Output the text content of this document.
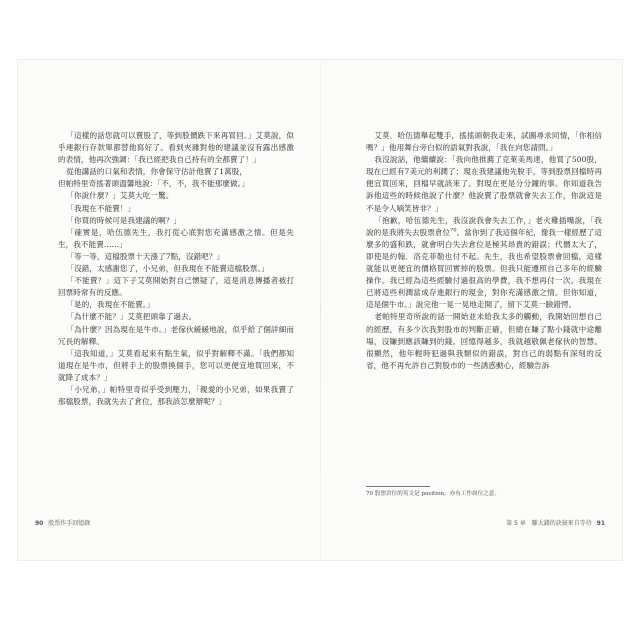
「這樣的話您就可以賣股了，等到股價跌下來再買回。」艾莫說，似乎連銀行存款單都替他寫好了。看到夾雜對他的建議並沒有露出感激的表情，他再次強調：「我已經把我自己持有的全都賣了！」

從他講話的口氣和表情，你會保守估計他賣了1萬股，

但帕特里奇搖著頭溫馨地說：「不，不，我不能那麼做。」

「你說什麼？」艾莫大吃一驚。

「我現在不能賣！」

「你買的時候可是我建議的啊？」

「確實是，哈伍德先生，我打從心底對您充滿感激之情。但是先生，我不能賣……」

「等一等，這檔股票十天漲了7點，沒錯吧？」

「沒錯，太感謝您了，小兄弟，但我現在不能賣這檔股票。」

「不能賣？」這下子艾莫開始對自己懷疑了，這是消息傳播者被打回票時常有的反應。

「是的，我現在不能賣。」

「為什麼不能？」艾莫把頭靠了過去。

「為什麼？因為現在是牛市。」老傢伙緩緩地說，似乎給了個詳細而冗長的解釋。

「這我知道，」艾莫看起來有點生氣，似乎對解釋不滿。「我們都知道現在是牛市，但將手上的股票換個手，您可以更便宜地買回來，不就降了成本？」

「小兄弟，」帕特里奇似乎受到壓力，「親愛的小兄弟，如果我賣了那檔股票，我就失去了倉位，那我該怎麼辦呢？」

90 股票作手回憶錄

艾莫．哈伍德舉起雙手，搖搖頭朝我走來，試圖尋求同情，「你相信嗎？」他用舞台旁白似的語氣對我說，「我在向您請問。」

我沒說話，他繼續說：「我向他推薦了克萊美馬達，他買了500股，現在已經有7美元的利潤了；現在我建議他先脫手，等到股票回檔時再便宜買回來，回檔早就該來了。對現在更是分分鐘的事。你知道我告訴他這些的時候他說了什麼？他說賣了股票就會失去工作，你說這是不是令人嘀笑皆非？」

「抱歉，哈伍德先生，我沒說我會失去工作，」老火雞插嘴說，「我說的是我將失去股票倉位$^{70}$。當你到了我這個年紀，像我一樣經歷了這麼多的盛和跌，就會明白失去倉位是極其昂貴的錯誤；代價太大了，即使是約翰．洛克菲勒也付不起。先生，我也希望股票會回檔，這樣就能以更便宜的價格買回實掉的股票。但我只能遵照自己多年的經驗操作。我已經為這些經驗付過很高的學費，我不想再付一次。我現在已將這些利潤當成存進銀行的現金，對你充滿感激之情。但你知道，這是個牛市。」說完他一晃一晃地走開了，留下艾莫一臉錯愕。

老帕特里奇所說的話一開始並未給我太多的觸動，我開始回想自己的經歷，有多少次我對股市的判斷正確，但總在賺了點小錢就中途離場，沒賺到應該賺到的錢。回憶得越多，我就越敬佩老傢伙的智慧。很顯然，他年輕時犯過與我類似的錯誤，對自己的弱點有深刻的反省，他不再允許自己對股市的一些誘惑動心，經驗告訴

70 股票倉位的英文是 position，亦有工作崗位之意。
第 5 章　賺大錢的訣竅來自等待 91
